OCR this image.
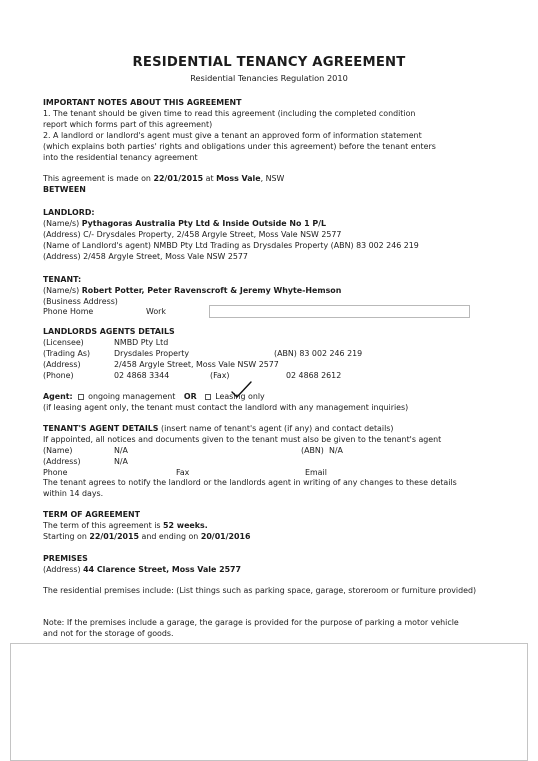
RESIDENTIAL TENANCY AGREEMENT
Residential Tenancies Regulation 2010
IMPORTANT NOTES ABOUT THIS AGREEMENT
1. The tenant should be given time to read this agreement (including the completed condition
report which forms part of this agreement)
2. A landlord or landlord's agent must give a tenant an approved form of information statement
(which explains both parties' rights and obligations under this agreement) before the tenant enters
into the residential tenancy agreement
This agreement is made on 22/01/2015 at Moss Vale, NSW
BETWEEN
LANDLORD:
(Name/s) Pythagoras Australia Pty Ltd & Inside Outside No 1 P/L
(Address) C/- Drysdales Property, 2/458 Argyle Street, Moss Vale NSW 2577
(Name of Landlord's agent) NMBD Pty Ltd Trading as Drysdales Property (ABN) 83 002 246 219
(Address) 2/458 Argyle Street, Moss Vale NSW 2577
TENANT:
(Name/s) Robert Potter, Peter Ravenscroft & Jeremy Whyte-Hemson
(Business Address)
Phone Home	Work
LANDLORDS AGENTS DETAILS
(Licensee)	NMBD Pty Ltd
(Trading As)	Drysdales Property	(ABN) 83 002 246 219
(Address)	2/458 Argyle Street, Moss Vale NSW 2577
(Phone)	02 4868 3344	(Fax)	02 4868 2612
Agent: ongoing management OR Leasing only
(if leasing agent only, the tenant must contact the landlord with any management inquiries)
TENANT'S AGENT DETAILS (insert name of tenant's agent (if any) and contact details)
If appointed, all notices and documents given to the tenant must also be given to the tenant's agent
(Name)	N/A	(ABN) N/A
(Address)	N/A
Phone	Fax	Email
The tenant agrees to notify the landlord or the landlords agent in writing of any changes to these details
within 14 days.
TERM OF AGREEMENT
The term of this agreement is 52 weeks.
Starting on 22/01/2015 and ending on 20/01/2016
PREMISES
(Address) 44 Clarence Street, Moss Vale 2577
The residential premises include: (List things such as parking space, garage, storeroom or furniture provided)
Note: If the premises include a garage, the garage is provided for the purpose of parking a motor vehicle
and not for the storage of goods.
